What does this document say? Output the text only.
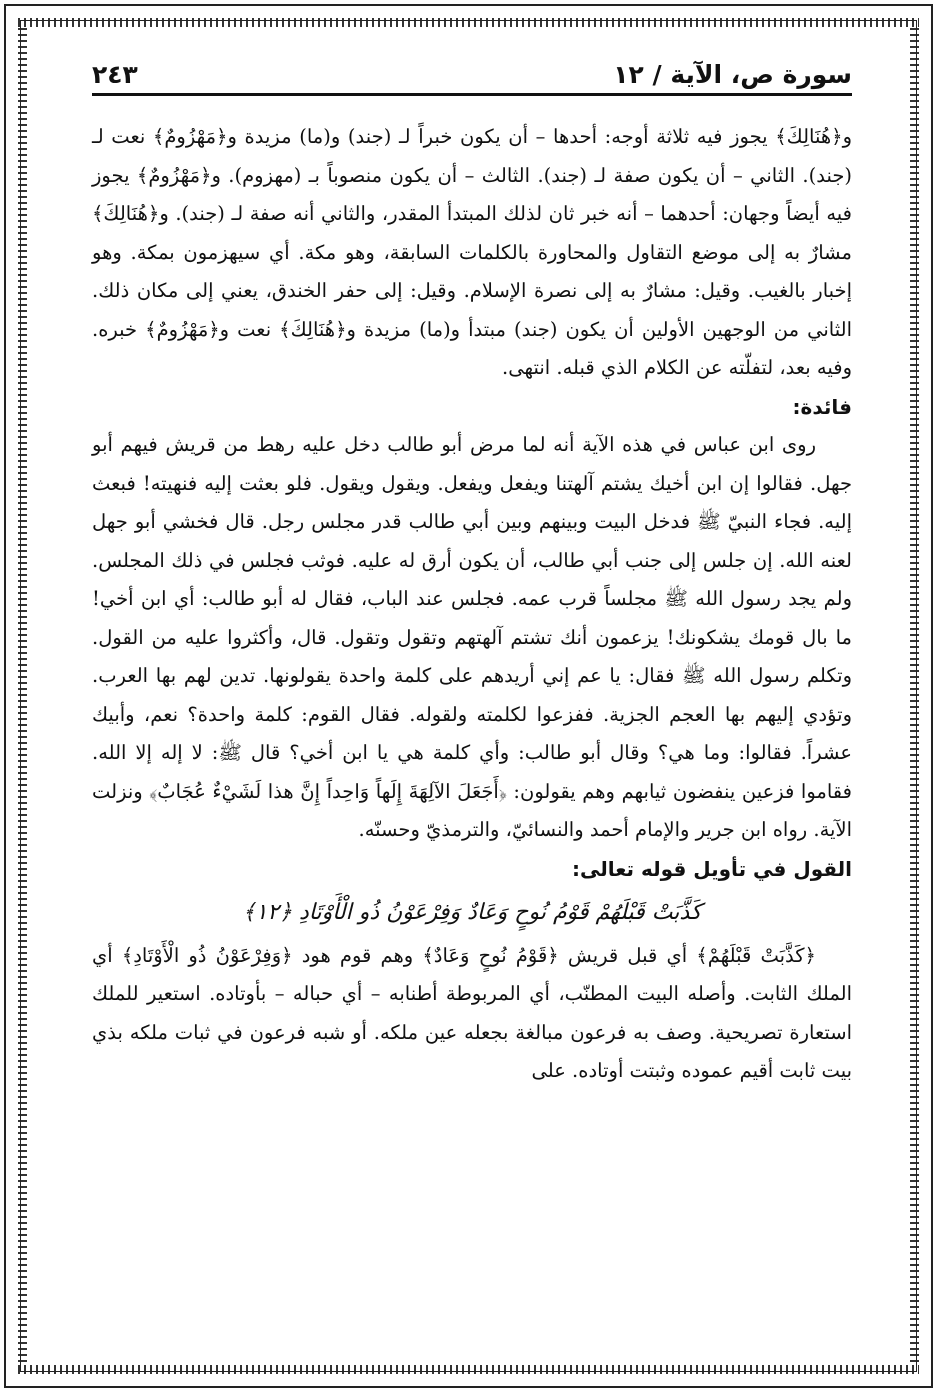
سورة ص، الآية / ١٢
٢٤٣

و﴿هُنَالِكَ﴾ يجوز فيه ثلاثة أوجه: أحدها – أن يكون خبراً لـ (جند) و(ما) مزيدة و﴿مَهْزُومٌ﴾ نعت لـ (جند). الثاني – أن يكون صفة لـ (جند). الثالث – أن يكون منصوباً بـ (مهزوم). و﴿مَهْزُومٌ﴾ يجوز فيه أيضاً وجهان: أحدهما – أنه خبر ثان لذلك المبتدأ المقدر، والثاني أنه صفة لـ (جند). و﴿هُنَالِكَ﴾ مشارٌ به إلى موضع التقاول والمحاورة بالكلمات السابقة، وهو مكة. أي سيهزمون بمكة. وهو إخبار بالغيب. وقيل: مشارٌ به إلى نصرة الإسلام. وقيل: إلى حفر الخندق، يعني إلى مكان ذلك. الثاني من الوجهين الأولين أن يكون (جند) مبتدأ و(ما) مزيدة و﴿هُنَالِكَ﴾ نعت و﴿مَهْزُومٌ﴾ خبره. وفيه بعد، لتفلّته عن الكلام الذي قبله. انتهى.

فائدة:

روى ابن عباس في هذه الآية أنه لما مرض أبو طالب دخل عليه رهط من قريش فيهم أبو جهل. فقالوا إن ابن أخيك يشتم آلهتنا ويفعل ويفعل. ويقول ويقول. فلو بعثت إليه فنهيته! فبعث إليه. فجاء النبيّ ﷺ فدخل البيت وبينهم وبين أبي طالب قدر مجلس رجل. قال فخشي أبو جهل لعنه الله. إن جلس إلى جنب أبي طالب، أن يكون أرق له عليه. فوثب فجلس في ذلك المجلس. ولم يجد رسول الله ﷺ مجلساً قرب عمه. فجلس عند الباب، فقال له أبو طالب: أي ابن أخي! ما بال قومك يشكونك! يزعمون أنك تشتم آلهتهم وتقول وتقول. قال، وأكثروا عليه من القول. وتكلم رسول الله ﷺ فقال: يا عم إني أريدهم على كلمة واحدة يقولونها. تدين لهم بها العرب. وتؤدي إليهم بها العجم الجزية. ففزعوا لكلمته ولقوله. فقال القوم: كلمة واحدة؟ نعم، وأبيك عشراً. فقالوا: وما هي؟ وقال أبو طالب: وأي كلمة هي يا ابن أخي؟ قال ﷺ: لا إله إلا الله. فقاموا فزعين ينفضون ثيابهم وهم يقولون: ﴿أَجَعَلَ الآلِهَةَ إِلَهاً وَاحِداً إِنَّ هذا لَشَيْءٌ عُجَابٌ﴾ ونزلت الآية. رواه ابن جرير والإمام أحمد والنسائيّ، والترمذيّ وحسنّه.

القول في تأويل قوله تعالى:

كَذَّبَتْ قَبْلَهُمْ قَوْمُ نُوحٍ وَعَادٌ وَفِرْعَوْنُ ذُو الْأَوْتَادِ ﴿١٢﴾

﴿كَذَّبَتْ قَبْلَهُمْ﴾ أي قبل قريش ﴿قَوْمُ نُوحٍ وَعَادٌ﴾ وهم قوم هود ﴿وَفِرْعَوْنُ ذُو الْأَوْتَادِ﴾ أي الملك الثابت. وأصله البيت المطنّب، أي المربوطة أطنابه – أي حباله – بأوتاده. استعير للملك استعارة تصريحية. وصف به فرعون مبالغة بجعله عين ملكه. أو شبه فرعون في ثبات ملكه بذي بيت ثابت أقيم عموده وثبتت أوتاده. على
